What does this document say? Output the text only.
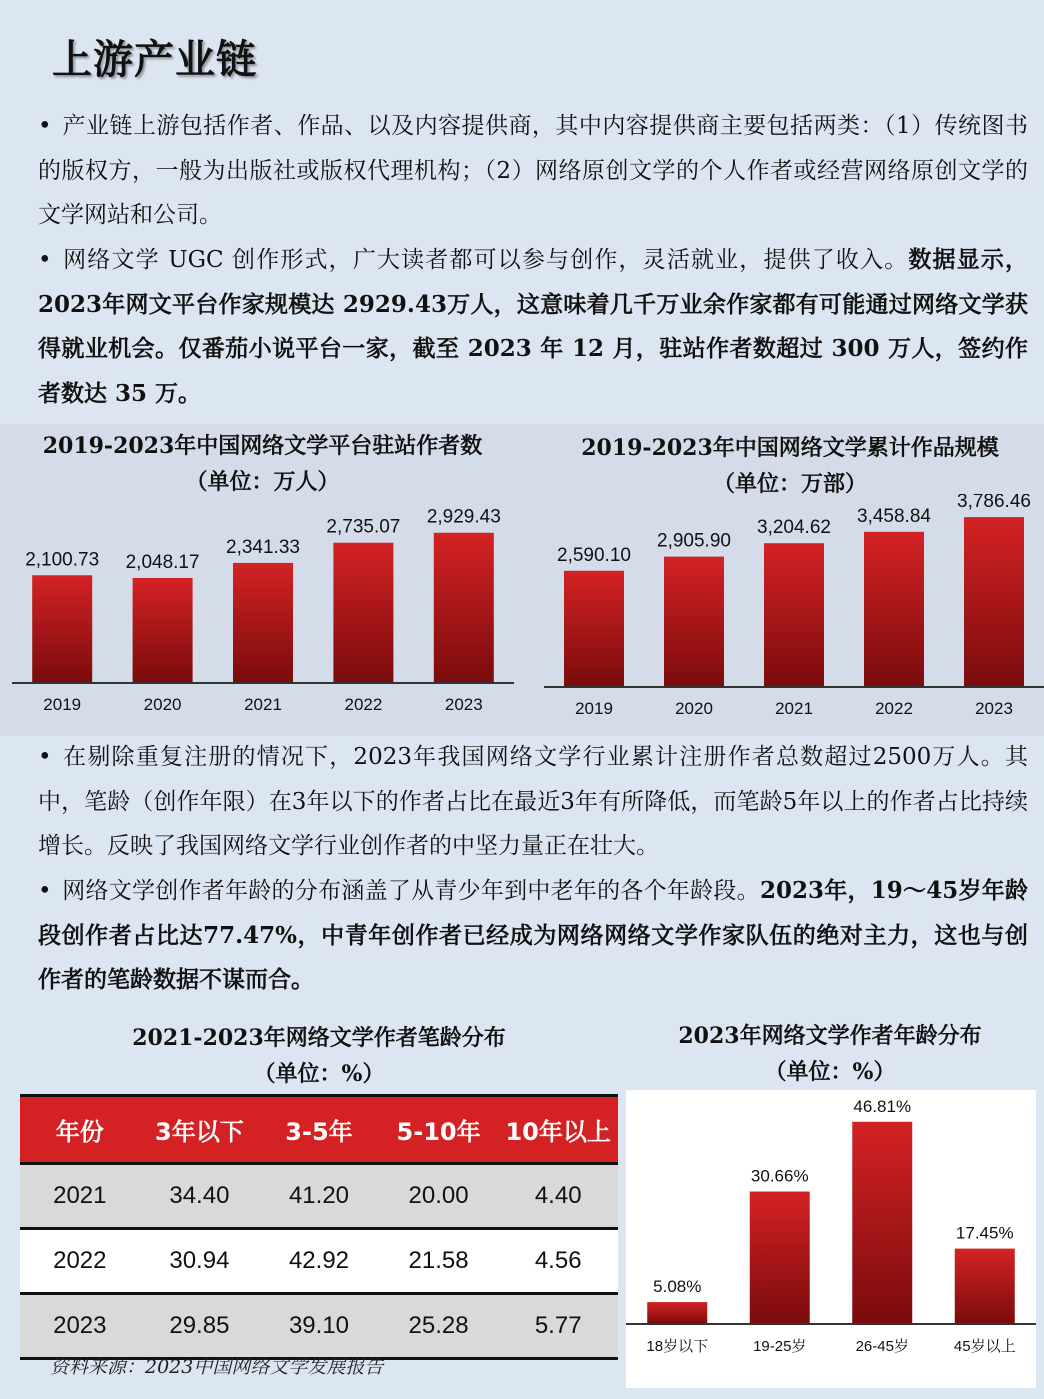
上游产业链
• 产业链上游包括作者、作品、以及内容提供商，其中内容提供商主要包括两类：（1）传统图书的版权方，一般为出版社或版权代理机构；（2）网络原创文学的个人作者或经营网络原创文学的文学网站和公司。
• 网络文学 UGC 创作形式，广大读者都可以参与创作，灵活就业，提供了收入。数据显示，2023年网文平台作家规模达 2929.43万人，这意味着几千万业余作家都有可能通过网络文学获得就业机会。仅番茄小说平台一家，截至 2023 年 12 月，驻站作者数超过 300 万人，签约作者数达 35 万。
2019-2023年中国网络文学平台驻站作者数
（单位：万人）
2,100.73
2019
2,048.17
2020
2,341.33
2021
2,735.07
2022
2,929.43
2023
2019-2023年中国网络文学累计作品规模
（单位：万部）
2,590.10
2019
2,905.90
2020
3,204.62
2021
3,458.84
2022
3,786.46
2023
• 在剔除重复注册的情况下，2023年我国网络文学行业累计注册作者总数超过2500万人。其中，笔龄（创作年限）在3年以下的作者占比在最近3年有所降低，而笔龄5年以上的作者占比持续增长。反映了我国网络文学行业创作者的中坚力量正在壮大。
• 网络文学创作者年龄的分布涵盖了从青少年到中老年的各个年龄段。2023年，19～45岁年龄段创作者占比达77.47%，中青年创作者已经成为网络网络文学作家队伍的绝对主力，这也与创作者的笔龄数据不谋而合。
2021-2023年网络文学作者笔龄分布
（单位：%）
年份	3年以下	3-5年	5-10年	10年以上
2021	34.40	41.20	20.00	4.40
2022	30.94	42.92	21.58	4.56
2023	29.85	39.10	25.28	5.77
2023年网络文学作者年龄分布
（单位：%）
5.08%
18岁以下
30.66%
19-25岁
46.81%
26-45岁
17.45%
45岁以上
资料来源：2023中国网络文学发展报告
